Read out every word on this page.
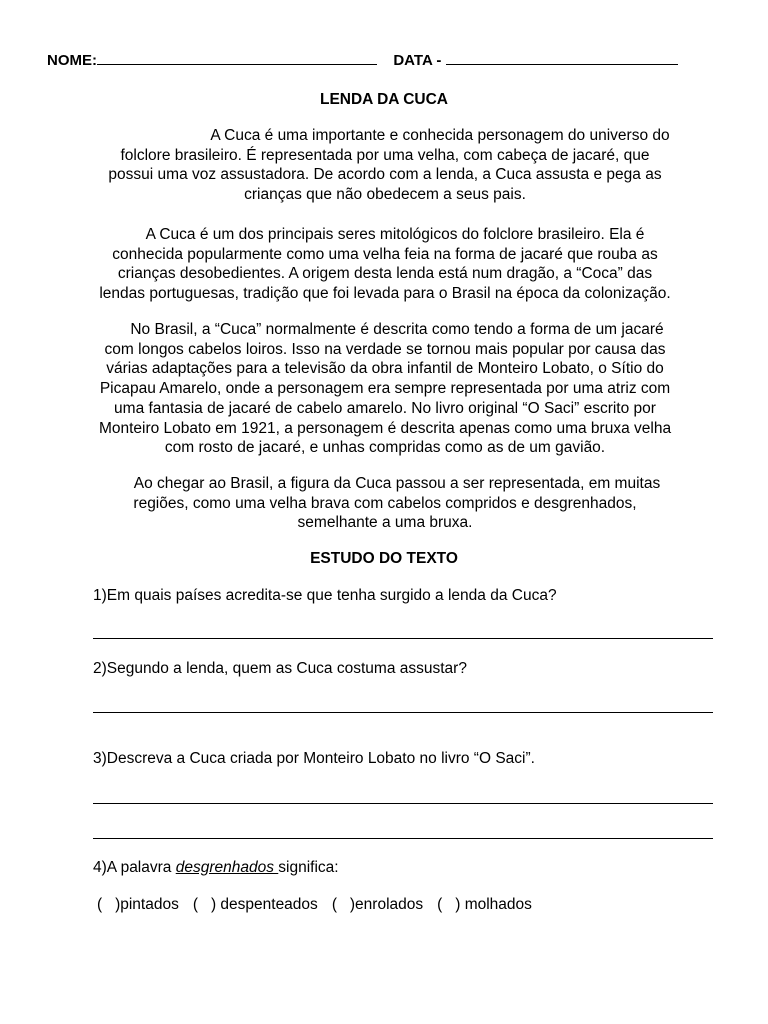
NOME:	DATA -
LENDA DA CUCA

A Cuca é uma importante e conhecida personagem do universo do

folclore brasileiro. É representada por uma velha, com cabeça de jacaré, que

possui uma voz assustadora. De acordo com a lenda, a Cuca assusta e pega as

crianças que não obedecem a seus pais.

A Cuca é um dos principais seres mitológicos do folclore brasileiro. Ela é

conhecida popularmente como uma velha feia na forma de jacaré que rouba as

crianças desobedientes. A origem desta lenda está num dragão, a “Coca” das

lendas portuguesas, tradição que foi levada para o Brasil na época da colonização.

No Brasil, a “Cuca” normalmente é descrita como tendo a forma de um jacaré

com longos cabelos loiros. Isso na verdade se tornou mais popular por causa das

várias adaptações para a televisão da obra infantil de Monteiro Lobato, o Sítio do

Picapau Amarelo, onde a personagem era sempre representada por uma atriz com

uma fantasia de jacaré de cabelo amarelo. No livro original “O Saci” escrito por

Monteiro Lobato em 1921, a personagem é descrita apenas como uma bruxa velha

com rosto de jacaré, e unhas compridas como as de um gavião.

Ao chegar ao Brasil, a figura da Cuca passou a ser representada, em muitas

regiões, como uma velha brava com cabelos compridos e desgrenhados,

semelhante a uma bruxa.

ESTUDO DO TEXTO
1)Em quais países acredita-se que tenha surgido a lenda da Cuca?
2)Segundo a lenda, quem as Cuca costuma assustar?
3)Descreva a Cuca criada por Monteiro Lobato no livro “O Saci”.
4)A palavra desgrenhados significa:
(   )pintados (   ) despenteados (   )enrolados (   ) molhados
